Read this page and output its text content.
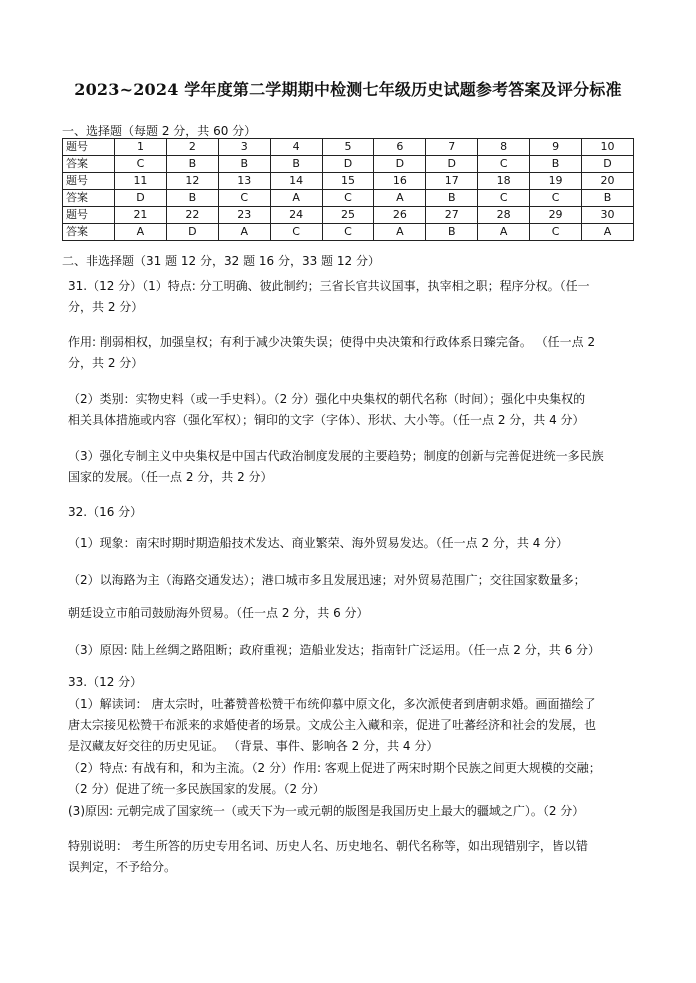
2023~2024 学年度第二学期期中检测七年级历史试题参考答案及评分标准
一、选择题（每题 2 分，共 60 分）
题号	1	2	3	4	5	6	7	8	9	10
答案	C	B	B	B	D	D	D	C	B	D
题号	11	12	13	14	15	16	17	18	19	20
答案	D	B	C	A	C	A	B	C	C	B
题号	21	22	23	24	25	26	27	28	29	30
答案	A	D	A	C	C	A	B	A	C	A
二、非选择题（31 题 12 分，32 题 16 分，33 题 12 分）
31.（12 分）（1）特点: 分工明确、彼此制约；三省长官共议国事，执宰相之职；程序分权。（任一
分，共 2 分）
作用: 削弱相权，加强皇权；有利于减少决策失误；使得中央决策和行政体系日臻完备。 （任一点 2
分，共 2 分）
（2）类别：实物史料（或一手史料）。（2 分）强化中央集权的朝代名称（时间）；强化中央集权的
相关具体措施或内容（强化军权）；铜印的文字（字体）、形状、大小等。（任一点 2 分，共 4 分）
（3）强化专制主义中央集权是中国古代政治制度发展的主要趋势；制度的创新与完善促进统一多民族
国家的发展。（任一点 2 分，共 2 分）
32.（16 分）
（1）现象：南宋时期时期造船技术发达、商业繁荣、海外贸易发达。（任一点 2 分，共 4 分）
（2）以海路为主（海路交通发达）；港口城市多且发展迅速；对外贸易范围广；交往国家数量多；
朝廷设立市舶司鼓励海外贸易。（任一点 2 分，共 6 分）
（3）原因: 陆上丝绸之路阻断；政府重视；造船业发达；指南针广泛运用。（任一点 2 分，共 6 分）
33.（12 分）
（1）解读词： 唐太宗时，吐蕃赞普松赞干布统仰慕中原文化，多次派使者到唐朝求婚。画面描绘了
唐太宗接见松赞干布派来的求婚使者的场景。文成公主入藏和亲，促进了吐蕃经济和社会的发展，也
是汉藏友好交往的历史见证。 （背景、事件、影响各 2 分，共 4 分）
（2）特点: 有战有和，和为主流。（2 分）作用: 客观上促进了两宋时期个民族之间更大规模的交融；
（2 分）促进了统一多民族国家的发展。（2 分）
(3)原因: 元朝完成了国家统一（或天下为一或元朝的版图是我国历史上最大的疆域之广）。（2 分）
特别说明： 考生所答的历史专用名词、历史人名、历史地名、朝代名称等，如出现错别字，皆以错
误判定，不予给分。
